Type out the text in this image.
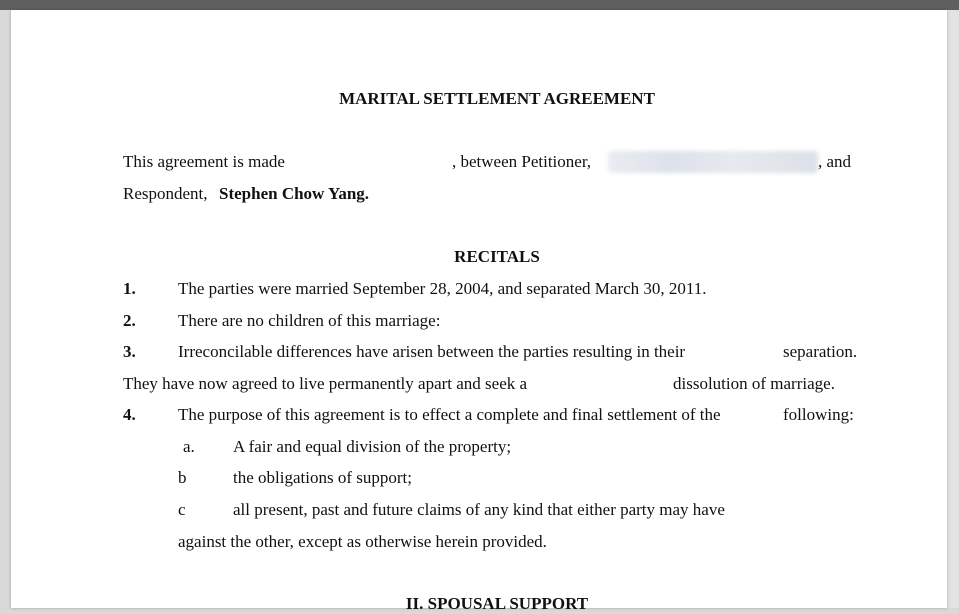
MARITAL SETTLEMENT AGREEMENT
This agreement is made	, between Petitioner,	, and
Respondent, Stephen Chow Yang.
RECITALS
1. The parties were married September 28, 2004, and separated March 30, 2011.
2. There are no children of this marriage:
3. Irreconcilable differences have arisen between the parties resulting in their	separation.
They have now agreed to live permanently apart and seek a	dissolution of marriage.
4. The purpose of this agreement is to effect a complete and final settlement of the	following:
a. A fair and equal division of the property;
b	the obligations of support;
c	all present, past and future claims of any kind that either party may have
against the other, except as otherwise herein provided.
II. SPOUSAL SUPPORT
